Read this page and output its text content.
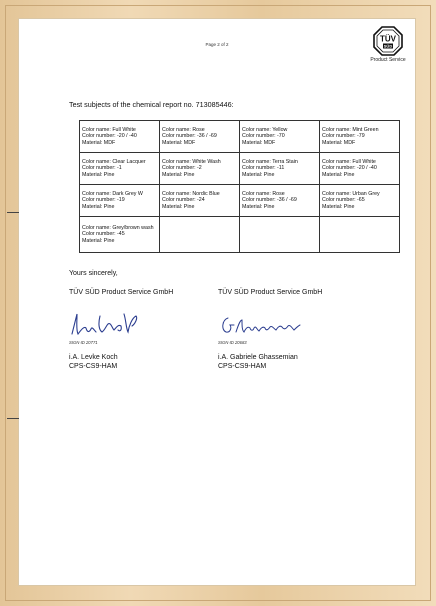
Page 2 of 2
TÜV
SÜD
Product Service
Test subjects of the chemical report no. 713085446:
Color name: Full White
Color number: -20 / -40
Material: MDF	Color name: Rose
Color number: -36 / -69
Material: MDF	Color name: Yellow
Color number: -70
Material: MDF	Color name: Mint Green
Color number: -79
Material: MDF

Color name: Clear Lacquer
Color number: -1
Material: Pine	Color name: White Wash
Color number: -2
Material: Pine	Color name: Terra Stain
Color number: -11
Material: Pine	Color name: Full White
Color number: -20 / -40
Material: Pine

Color name: Dark Grey W
Color number: -19
Material: Pine	Color name: Nordic Blue
Color number: -24
Material: Pine	Color name: Rose
Color number: -36 / -69
Material: Pine	Color name: Urban Grey
Color number: -65
Material: Pine

Color name: Grey/brown wash
Color number: -45
Material: Pine			

Yours sincerely,
TÜV SÜD Product Service GmbH	TÜV SÜD Product Service GmbH
SIGN-ID 20771	SIGN-ID 20683
i.A. Levke Koch
CPS-CS9-HAM
i.A. Gabriele Ghassemian
CPS-CS9-HAM
